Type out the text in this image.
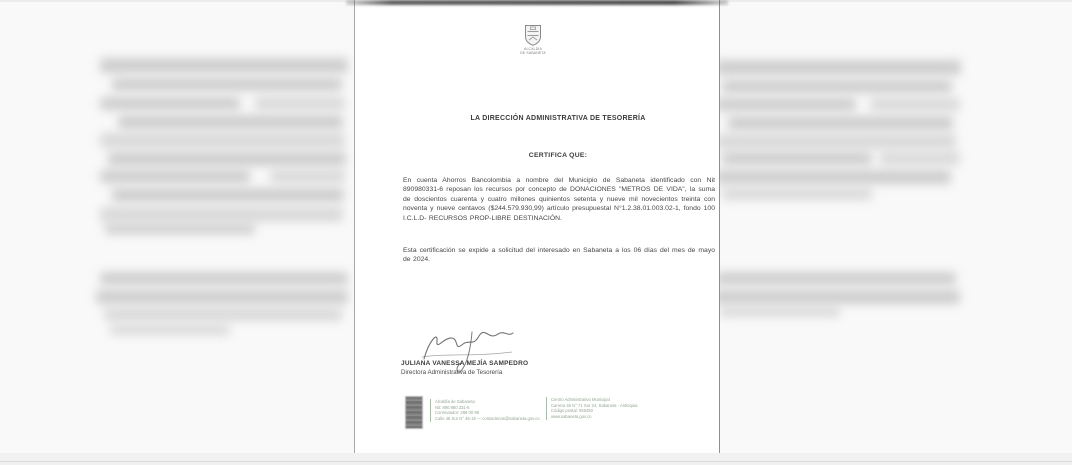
ALCALDÍA
DE SABANETA
LA DIRECCIÓN ADMINISTRATIVA DE TESORERÍA
CERTIFICA QUE:
En cuenta Ahorros Bancolombia a nombre del Municipio de Sabaneta identificado con Nit 890980331-6 reposan los recursos por concepto de DONACIONES "METROS DE VIDA", la suma de doscientos cuarenta y cuatro millones quinientos setenta y nueve mil novecientos treinta con noventa y nueve centavos ($244.579.930,99) artículo presupuestal N°1.2.38.01.003.02-1, fondo 100 I.C.L.D- RECURSOS PROP-LIBRE DESTINACIÓN.
Esta certificación se expide a solicitud del interesado en Sabaneta a los 06 días del mes de mayo de 2024.
JULIANA VANESSA MEJÍA SAMPEDRO
Directora Administrativa de Tesorería
Alcaldía de Sabaneta
Nit: 890.980.331-6
Conmutador: 288 00 98
Calle 46 Sur N° 45-16 — contactenos@sabaneta.gov.co
Centro Administrativo Municipal
Carrera 45 N° 71 Sur 24, Sabaneta - Antioquia
Código postal: 055450
www.sabaneta.gov.co
